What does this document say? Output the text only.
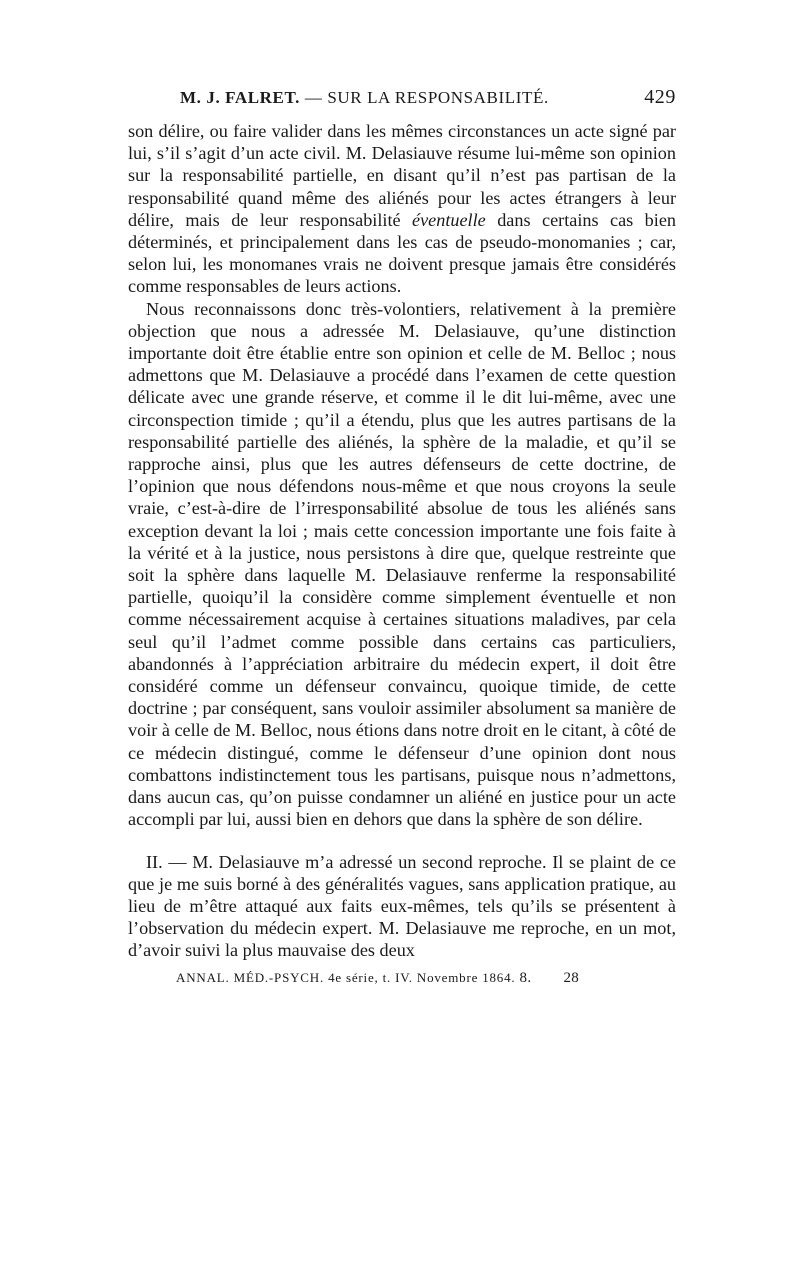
M. J. FALRET. — SUR LA RESPONSABILITÉ.	429

son délire, ou faire valider dans les mêmes circonstances un acte signé par lui, s’il s’agit d’un acte civil. M. Delasiauve résume lui-même son opinion sur la responsabilité partielle, en disant qu’il n’est pas partisan de la responsabilité quand même des aliénés pour les actes étrangers à leur délire, mais de leur responsabilité éventuelle dans certains cas bien déterminés, et principalement dans les cas de pseudo-monomanies ; car, selon lui, les monomanes vrais ne doivent presque jamais être considérés comme responsables de leurs actions.

Nous reconnaissons donc très-volontiers, relativement à la première objection que nous a adressée M. Delasiauve, qu’une distinction importante doit être établie entre son opinion et celle de M. Belloc ; nous admettons que M. Delasiauve a procédé dans l’examen de cette question délicate avec une grande réserve, et comme il le dit lui-même, avec une circonspection timide ; qu’il a étendu, plus que les autres partisans de la responsabilité partielle des aliénés, la sphère de la maladie, et qu’il se rapproche ainsi, plus que les autres défenseurs de cette doctrine, de l’opinion que nous défendons nous-même et que nous croyons la seule vraie, c’est-à-dire de l’irresponsabilité absolue de tous les aliénés sans exception devant la loi ; mais cette concession importante une fois faite à la vérité et à la justice, nous persistons à dire que, quelque restreinte que soit la sphère dans laquelle M. Delasiauve renferme la responsabilité partielle, quoiqu’il la considère comme simplement éventuelle et non comme nécessairement acquise à certaines situations maladives, par cela seul qu’il l’admet comme possible dans certains cas particuliers, abandonnés à l’appréciation arbitraire du médecin expert, il doit être considéré comme un défenseur convaincu, quoique timide, de cette doctrine ; par conséquent, sans vouloir assimiler absolument sa manière de voir à celle de M. Belloc, nous étions dans notre droit en le citant, à côté de ce médecin distingué, comme le défenseur d’une opinion dont nous combattons indistinctement tous les partisans, puisque nous n’admettons, dans aucun cas, qu’on puisse condamner un aliéné en justice pour un acte accompli par lui, aussi bien en dehors que dans la sphère de son délire.

II. — M. Delasiauve m’a adressé un second reproche. Il se plaint de ce que je me suis borné à des généralités vagues, sans application pratique, au lieu de m’être attaqué aux faits eux-mêmes, tels qu’ils se présentent à l’observation du médecin expert. M. Delasiauve me reproche, en un mot, d’avoir suivi la plus mauvaise des deux

ANNAL. MÉD.-PSYCH. 4e série, t. IV. Novembre 1864. 8. 28
